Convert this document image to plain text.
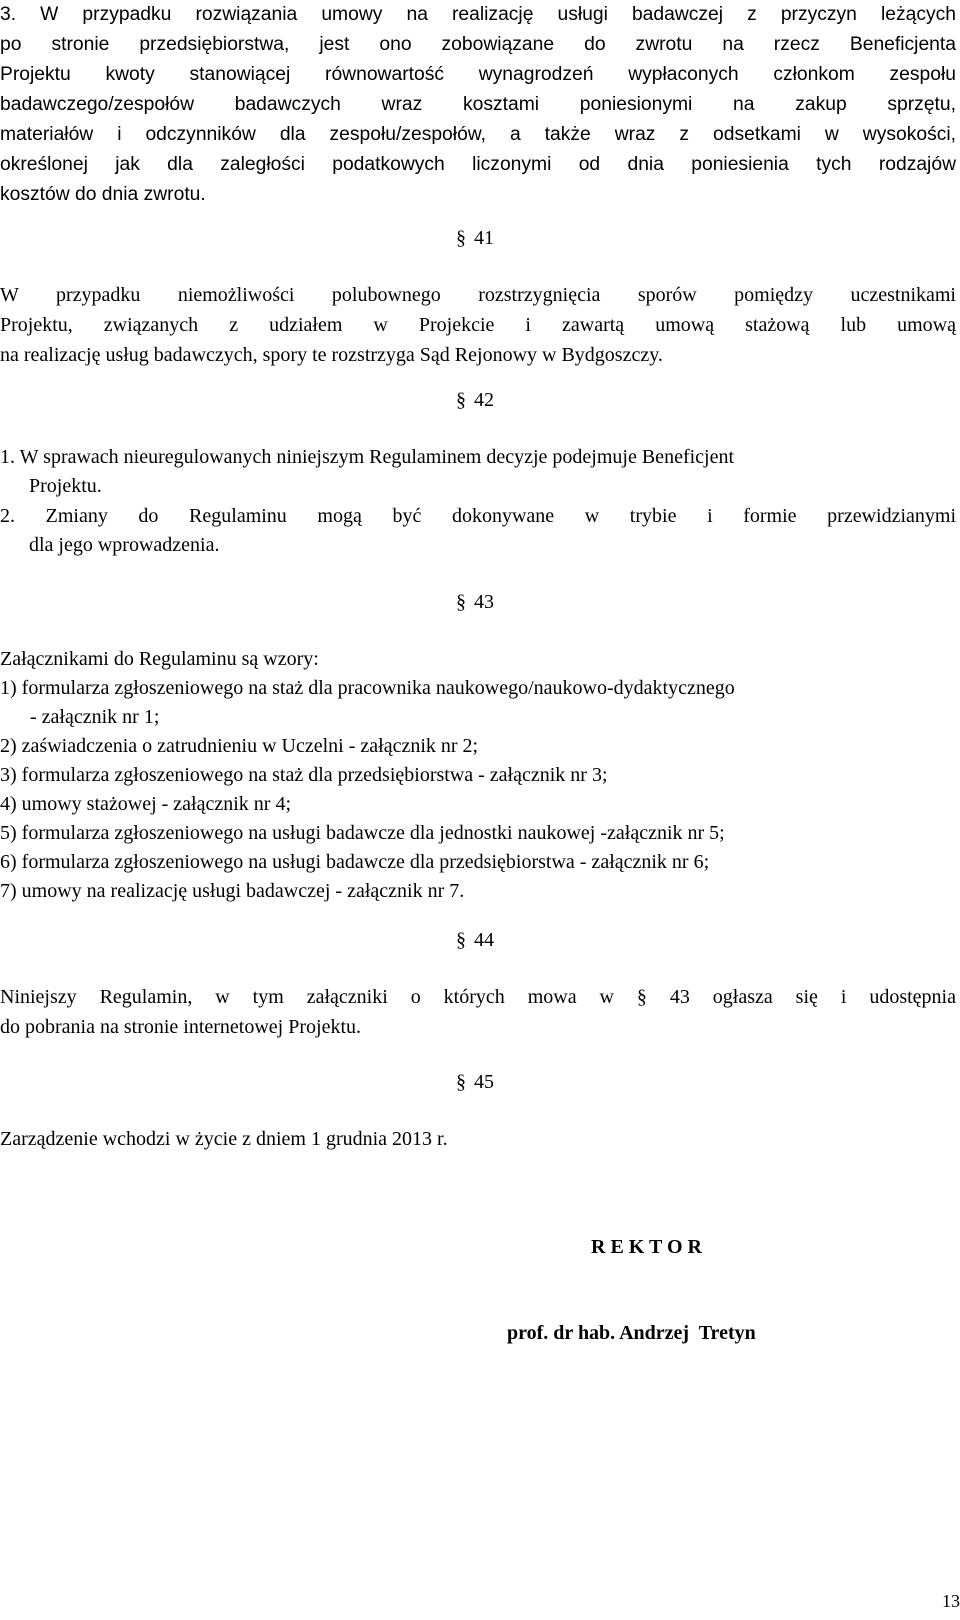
3. W przypadku rozwiązania umowy na realizację usługi badawczej z przyczyn leżących
po stronie przedsiębiorstwa, jest ono zobowiązane do zwrotu na rzecz Beneficjenta
Projektu kwoty stanowiącej równowartość wynagrodzeń wypłaconych członkom zespołu
badawczego/zespołów badawczych wraz kosztami poniesionymi na zakup sprzętu,
materiałów i odczynników dla zespołu/zespołów, a także wraz z odsetkami w wysokości,
określonej jak dla zaległości podatkowych liczonymi od dnia poniesienia tych rodzajów
kosztów do dnia zwrotu.
§ 41
W przypadku niemożliwości polubownego rozstrzygnięcia sporów pomiędzy uczestnikami
Projektu, związanych z udziałem w Projekcie i zawartą umową stażową lub umową
na realizację usług badawczych, spory te rozstrzyga Sąd Rejonowy w Bydgoszczy.
§ 42
1. W sprawach nieuregulowanych niniejszym Regulaminem decyzje podejmuje Beneficjent
Projektu.
2. Zmiany do Regulaminu mogą być dokonywane w trybie i formie przewidzianymi
dla jego wprowadzenia.
§ 43
Załącznikami do Regulaminu są wzory:
1) formularza zgłoszeniowego na staż dla pracownika naukowego/naukowo-dydaktycznego
- załącznik nr 1;
2) zaświadczenia o zatrudnieniu w Uczelni - załącznik nr 2;
3) formularza zgłoszeniowego na staż dla przedsiębiorstwa - załącznik nr 3;
4) umowy stażowej - załącznik nr 4;
5) formularza zgłoszeniowego na usługi badawcze dla jednostki naukowej -załącznik nr 5;
6) formularza zgłoszeniowego na usługi badawcze dla przedsiębiorstwa - załącznik nr 6;
7) umowy na realizację usługi badawczej - załącznik nr 7.
§ 44
Niniejszy Regulamin, w tym załączniki o których mowa w § 43 ogłasza się i udostępnia
do pobrania na stronie internetowej Projektu.
§ 45
Zarządzenie wchodzi w życie z dniem 1 grudnia 2013 r.
R E K T O R
prof. dr hab. Andrzej  Tretyn
13
